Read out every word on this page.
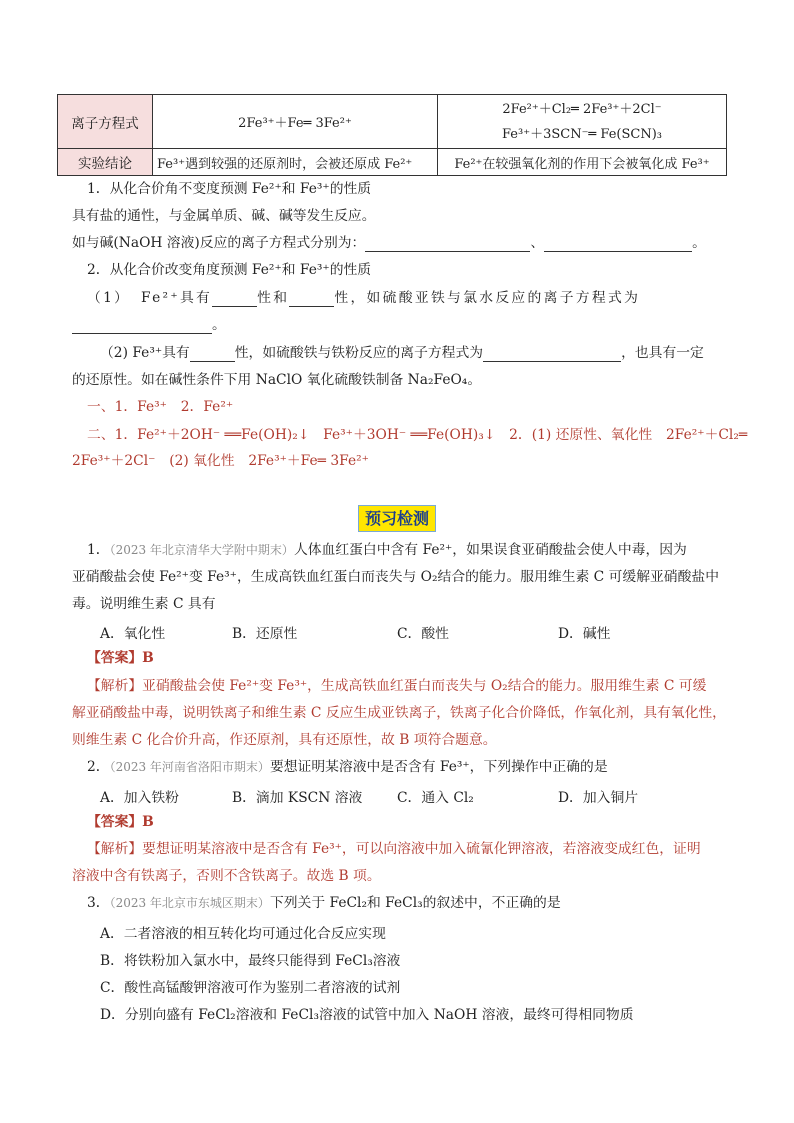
离子方程式	2Fe³⁺＋Fe═ 3Fe²⁺	2Fe²⁺＋Cl₂═ 2Fe³⁺＋2Cl⁻
Fe³⁺＋3SCN⁻═ Fe(SCN)₃

实验结论	Fe³⁺遇到较强的还原剂时，会被还原成 Fe²⁺	Fe²⁺在较强氧化剂的作用下会被氧化成 Fe³⁺
1．从化合价角不变度预测 Fe²⁺和 Fe³⁺的性质
具有盐的通性，与金属单质、碱、碱等发生反应。
如与碱(NaOH 溶液)反应的离子方程式分别为：	、	。
2．从化合价改变角度预测 Fe²⁺和 Fe³⁺的性质
（1） Fe²⁺具有	性和	性，如硫酸亚铁与氯水反应的离子方程式为
。
（2) Fe³⁺具有	性，如硫酸铁与铁粉反应的离子方程式为	，也具有一定
的还原性。如在碱性条件下用 NaClO 氧化硫酸铁制备 Na₂FeO₄。
一、1．Fe³⁺　2．Fe²⁺
二、1．Fe²⁺＋2OH⁻ ══Fe(OH)₂↓　Fe³⁺＋3OH⁻ ══Fe(OH)₃↓　2．(1) 还原性、氧化性　2Fe²⁺＋Cl₂═
2Fe³⁺＋2Cl⁻　(2) 氧化性　2Fe³⁺＋Fe═ 3Fe²⁺
预习检测
1．（2023 年北京清华大学附中期末）人体血红蛋白中含有 Fe²⁺，如果误食亚硝酸盐会使人中毒，因为
亚硝酸盐会使 Fe²⁺变 Fe³⁺，生成高铁血红蛋白而丧失与 O₂结合的能力。服用维生素 C 可缓解亚硝酸盐中
毒。说明维生素 C 具有
A．氧化性	B．还原性	C．酸性	D．碱性
【答案】B
【解析】亚硝酸盐会使 Fe²⁺变 Fe³⁺，生成高铁血红蛋白而丧失与 O₂结合的能力。服用维生素 C 可缓
解亚硝酸盐中毒，说明铁离子和维生素 C 反应生成亚铁离子，铁离子化合价降低，作氧化剂，具有氧化性，
则维生素 C 化合价升高，作还原剂，具有还原性，故 B 项符合题意。
2．（2023 年河南省洛阳市期末）要想证明某溶液中是否含有 Fe³⁺，下列操作中正确的是
A．加入铁粉	B．滴加 KSCN 溶液	C．通入 Cl₂	D．加入铜片
【答案】B
【解析】要想证明某溶液中是否含有 Fe³⁺，可以向溶液中加入硫氰化钾溶液，若溶液变成红色，证明
溶液中含有铁离子，否则不含铁离子。故选 B 项。
3．（2023 年北京市东城区期末）下列关于 FeCl₂和 FeCl₃的叙述中，不正确的是
A．二者溶液的相互转化均可通过化合反应实现
B．将铁粉加入氯水中，最终只能得到 FeCl₃溶液
C．酸性高锰酸钾溶液可作为鉴别二者溶液的试剂
D．分别向盛有 FeCl₂溶液和 FeCl₃溶液的试管中加入 NaOH 溶液，最终可得相同物质
